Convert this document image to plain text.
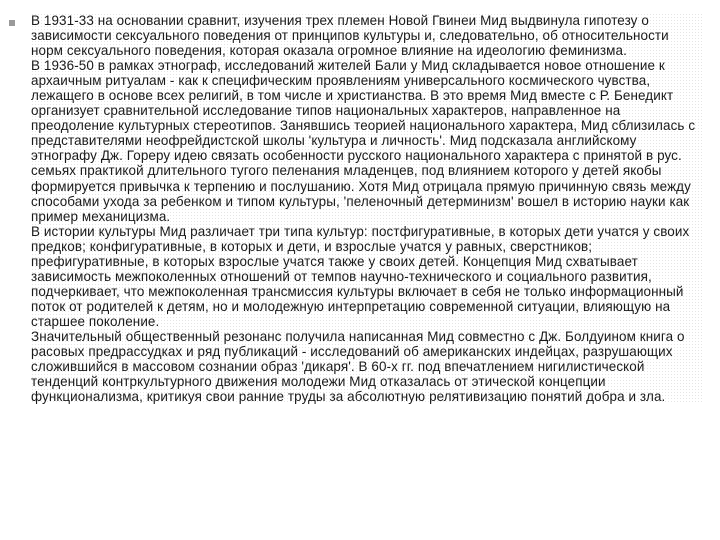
В 1931-33 на основании сравнит, изучения трех племен Новой Гвинеи Мид выдвинула гипотезу о зависимости сексуального поведения от принципов культуры и, следовательно, об относительности норм сексуального поведения, которая оказала огромное влияние на идеологию феминизма.

В 1936-50 в рамках этнограф, исследований жителей Бали у Мид складывается новое отношение к архаичным ритуалам - как к специфическим проявлениям универсального космического чувства, лежащего в основе всех религий, в том числе и христианства. В это время Мид вместе с Р. Бенедикт организует сравнительной исследование типов национальных характеров, направленное на преодоление культурных стереотипов. Занявшись теорией национального характера, Мид сблизилась с представителями неофрейдистской школы 'культура и личность'. Мид подсказала английскому этнографу Дж. Гореру идею связать особенности русского национального характера с принятой в рус. семьях практикой длительного тугого пеленания младенцев, под влиянием которого у детей якобы формируется привычка к терпению и послушанию. Хотя Мид отрицала прямую причинную связь между способами ухода за ребенком и типом культуры, 'пеленочный детерминизм' вошел в историю науки как пример механицизма.

В истории культуры Мид различает три типа культур: постфигуративные, в которых дети учатся у своих предков; конфигуративные, в которых и дети, и взрослые учатся у равных, сверстников; префигуративные, в которых взрослые учатся также у своих детей. Концепция Мид схватывает зависимость межпоколенных отношений от темпов научно-технического и социального развития, подчеркивает, что межпоколенная трансмиссия культуры включает в себя не только информационный поток от родителей к детям, но и молодежную интерпретацию современной ситуации, влияющую на старшее поколение.

Значительный общественный резонанс получила написанная Мид совместно с Дж. Болдуином книга о расовых предрассудках и ряд публикаций - исследований об американских индейцах, разрушающих сложившийся в массовом сознании образ 'дикаря'. В 60-х гг. под впечатлением нигилистической тенденций контркультурного движения молодежи Мид отказалась от этической концепции функционализма, критикуя свои ранние труды за абсолютную релятивизацию понятий добра и зла.
